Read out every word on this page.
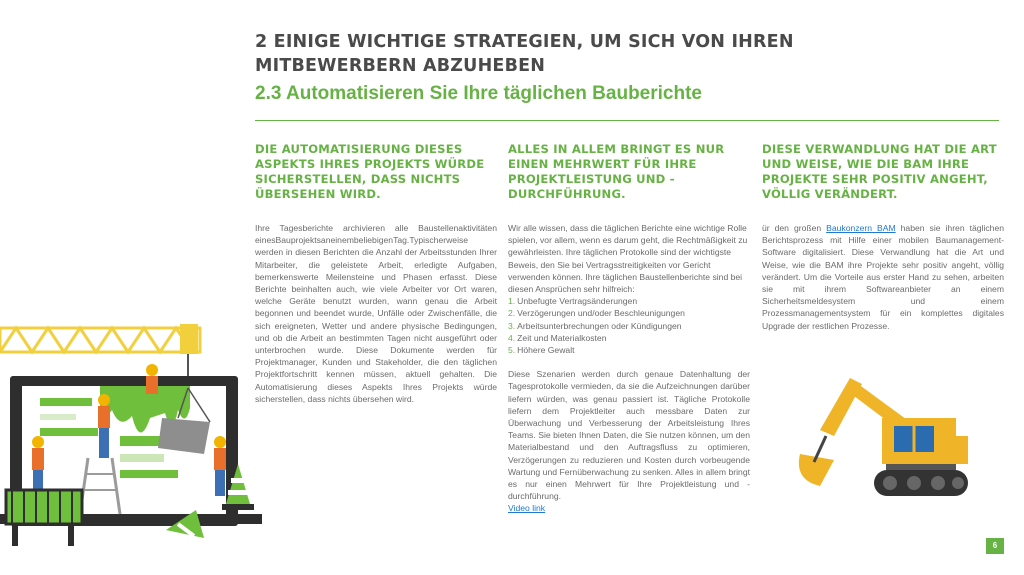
2 EINIGE WICHTIGE STRATEGIEN, UM SICH VON IHREN MITBEWERBERN ABZUHEBEN
2.3 Automatisieren Sie Ihre täglichen Bauberichte
DIE AUTOMATISIERUNG DIESES ASPEKTS IHRES PROJEKTS WÜRDE SICHERSTELLEN, DASS NICHTS ÜBERSEHEN WIRD.

Ihre Tagesberichte archivieren alle Baustellenaktivitäten einesBauprojektsaneinembeliebigenTag.Typischerweise werden in diesen Berichten die Anzahl der Arbeitsstunden Ihrer Mitarbeiter, die geleistete Arbeit, erledigte Aufgaben, bemerkenswerte Meilensteine und Phasen erfasst. Diese Berichte beinhalten auch, wie viele Arbeiter vor Ort waren, welche Geräte benutzt wurden, wann genau die Arbeit begonnen und beendet wurde, Unfälle oder Zwischenfälle, die sich ereigneten, Wetter und andere physische Bedingungen, und ob die Arbeit an bestimmten Tagen nicht ausgeführt oder unterbrochen wurde. Diese Dokumente werden für Projektmanager, Kunden und Stakeholder, die den täglichen Projektfortschritt kennen müssen, aktuell gehalten. Die Automatisierung dieses Aspekts Ihres Projekts würde sicherstellen, dass nichts übersehen wird.

ALLES IN ALLEM BRINGT ES NUR EINEN MEHRWERT FÜR IHRE PROJEKTLEISTUNG UND -DURCHFÜHRUNG.

Wir alle wissen, dass die täglichen Berichte eine wichtige Rolle spielen, vor allem, wenn es darum geht, die Rechtmäßigkeit zu gewährleisten. Ihre täglichen Protokolle sind der wichtigste Beweis, den Sie bei Vertragsstreitigkeiten vor Gericht verwenden können. Ihre täglichen Baustellenberichte sind bei diesen Ansprüchen sehr hilfreich:

1. Unbefugte Vertragsänderungen
2. Verzögerungen und/oder Beschleunigungen
3. Arbeitsunterbrechungen oder Kündigungen
4. Zeit und Materialkosten
5. Höhere Gewalt

Diese Szenarien werden durch genaue Datenhaltung der Tagesprotokolle vermieden, da sie die Aufzeichnungen darüber liefern würden, was genau passiert ist. Tägliche Protokolle liefern dem Projektleiter auch messbare Daten zur Überwachung und Verbesserung der Arbeitsleistung Ihres Teams. Sie bieten Ihnen Daten, die Sie nutzen können, um den Materialbestand und den Auftragsfluss zu optimieren, Verzögerungen zu reduzieren und Kosten durch vorbeugende Wartung und Fernüberwachung zu senken. Alles in allem bringt es nur einen Mehrwert für Ihre Projektleistung und -durchführung.
Video link

DIESE VERWANDLUNG HAT DIE ART UND WEISE, WIE DIE BAM IHRE PROJEKTE SEHR POSITIV ANGEHT, VÖLLIG VERÄNDERT.

ür den großen Baukonzern BAM haben sie ihren täglichen Berichtsprozess mit Hilfe einer mobilen Baumanagement-Software digitalisiert. Diese Verwandlung hat die Art und Weise, wie die BAM ihre Projekte sehr positiv angeht, völlig verändert. Um die Vorteile aus erster Hand zu sehen, arbeiten sie mit ihrem Softwareanbieter an einem Sicherheitsmeldesystem und einem Prozessmanagementsystem für ein komplettes digitales Upgrade der restlichen Prozesse.

6
